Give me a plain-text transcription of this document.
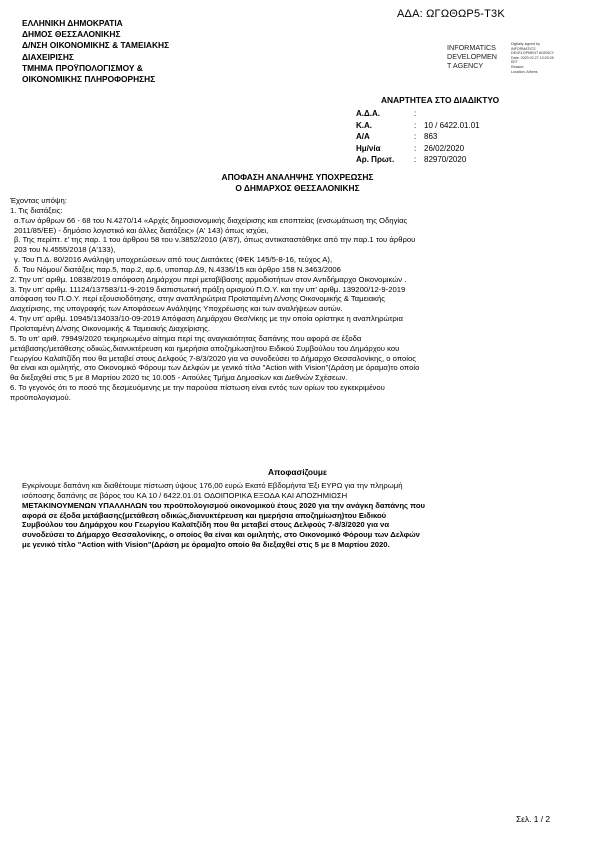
ΑΔΑ: ΩΓΩΘΩΡ5-Τ3Κ
ΕΛΛΗΝΙΚΗ ΔΗΜΟΚΡΑΤΙΑ
ΔΗΜΟΣ ΘΕΣΣΑΛΟΝΙΚΗΣ
Δ/ΝΣΗ ΟΙΚΟΝΟΜΙΚΗΣ & ΤΑΜΕΙΑΚΗΣ
ΔΙΑΧΕΙΡΙΣΗΣ
ΤΜΗΜΑ ΠΡΟΫΠΟΛΟΓΙΣΜΟΥ &
ΟΙΚΟΝΟΜΙΚΗΣ ΠΛΗΡΟΦΟΡΗΣΗΣ
INFORMATICS
DEVELOPMEN
T AGENCY
Digitally signed by
INFORMATICS
DEVELOPMENT AGENCY
Date: 2020.02.27 13:25:28
EET
Reason:
Location: Athens
ΑΝΑΡΤΗΤΕΑ ΣΤΟ ΔΙΑΔΙΚΤΥΟ
Α.Δ.Α.	:
Κ.Α.	: 10 / 6422.01.01
Α/Α	: 863
Ημ/νία	: 26/02/2020
Αρ. Πρωτ.	: 82970/2020
ΑΠΟΦΑΣΗ ΑΝΑΛΗΨΗΣ ΥΠΟΧΡΕΩΣΗΣ
Ο ΔΗΜΑΡΧΟΣ ΘΕΣΣΑΛΟΝΙΚΗΣ

Έχοντας υπόψη:

1. Τις διατάξεις:

α.Των άρθρων 66 - 68 του Ν.4270/14 «Αρχές δημοσιονομικής διαχείρισης και εποπτείας (ενσωμάτωση της Οδηγίας

2011/85/ΕΕ) - δημόσιο λογιστικό και άλλες διατάξεις» (Α' 143) όπως ισχύει,

β. Της περίπτ. ε' της παρ. 1 του άρθρου 58 του ν.3852/2010 (Α'87), όπως αντικαταστάθηκε από την παρ.1 του άρθρου

203 του Ν.4555/2018 (Α'133),

γ. Του Π.Δ. 80/2016 Ανάληψη υποχρεώσεων από τους Διατάκτες (ΦΕΚ 145/5-8-16, τεύχος Α),

δ. Του Νόμου/ διατάξεις παρ.5, παρ.2, αρ.6, υποπαρ.Δ9, Ν.4336/15 και άρθρο 158 Ν.3463/2006

2. Την υπ' αριθμ. 10838/2019 απόφαση Δημάρχου περί μεταβίβασης αρμοδιοτήτων στον Αντιδήμαρχο Οικονομικών .

3. Την υπ' αριθμ. 11124/137583/11-9-2019 διαπιστωτική πράξη ορισμού Π.Ο.Υ. και την υπ' αριθμ. 139200/12-9-2019

απόφαση του Π.Ο.Υ. περί εξουσιοδότησης, στην αναπληρώτρια Προϊσταμένη Δ/νσης Οικονομικής & Ταμειακής

Διαχείρισης, της υπογραφής των Αποφάσεων Ανάληψης Υποχρέωσης και των αναλήψεων αυτών.

4. Την υπ' αριθμ. 10945/134033/10-09-2019 Απόφαση Δημάρχου Θεσ/νίκης με την οποία ορίστηκε η αναπληρώτρια

Προϊσταμένη Δ/νσης Οικονομικής & Ταμειακής Διαχείρισης.

5. Το υπ' αριθ. 79949/2020 τεκμηριωμένο αίτημα περί της αναγκαιότητας δαπάνης που αφορά σε έξοδα

μετάβασης/μετάθεσης οδικώς,διανυκτέρευση και ημερήσια αποζημίωση)του Ειδικού Συμβούλου του Δημάρχου κου

Γεωργίου Καλαϊτζίδη που θα μεταβεί στους Δελφούς 7-8/3/2020 για να συνοδεύσει το Δήμαρχο Θεσσαλονίκης, ο οποίος

θα είναι και ομιλητής, στο Οικονομικό Φόρουμ των Δελφών με γενικό τίτλο "Action with Vision"(Δράση με όραμα)το οποίο

θα διεξαχθεί στις 5 με 8 Μαρτίου 2020 τις 10.005 - Αιτούλες Τμήμα Δημοσίων και Διεθνών Σχέσεων.

6. Το γεγονός ότι το ποσό της δεσμευόμενης με την παρούσα πίστωση είναι εντός των ορίων του εγκεκριμένου

προϋπολογισμού.

Αποφασίζουμε

Εγκρίνουμε δαπάνη και διαθέτουμε πίστωση ύψους 176,00 ευρώ Εκατό Εβδομήντα Έξι ΕΥΡΩ για την πληρωμή

ισόποσης δαπάνης σε βάρος του ΚΑ 10 / 6422.01.01 ΟΔΟΙΠΟΡΙΚΑ ΕΞΟΔΑ ΚΑΙ ΑΠΟΖΗΜΙΩΣΗ

ΜΕΤΑΚΙΝΟΥΜΕΝΩΝ ΥΠΑΛΛΗΛΩΝ του προϋπολογισμού οικονομικού έτους 2020 για την ανάγκη δαπάνης που

αφορά σε έξοδα μετάβασης(μετάθεση οδικώς,διανυκτέρευση και ημερήσια αποζημίωση)του Ειδικού

Συμβούλου του Δημάρχου κου Γεωργίου Καλαϊτζίδη που θα μεταβεί στους Δελφούς 7-8/3/2020 για να

συνοδεύσει το Δήμαρχο Θεσσαλονίκης, ο οποίος θα είναι και ομιλητής, στο Οικονομικό Φόρουμ των Δελφών

με γενικό τίτλο "Action with Vision"(Δράση με όραμα)το οποίο θα διεξαχθεί στις 5 με 8 Μαρτίου 2020.

Σελ. 1 / 2
